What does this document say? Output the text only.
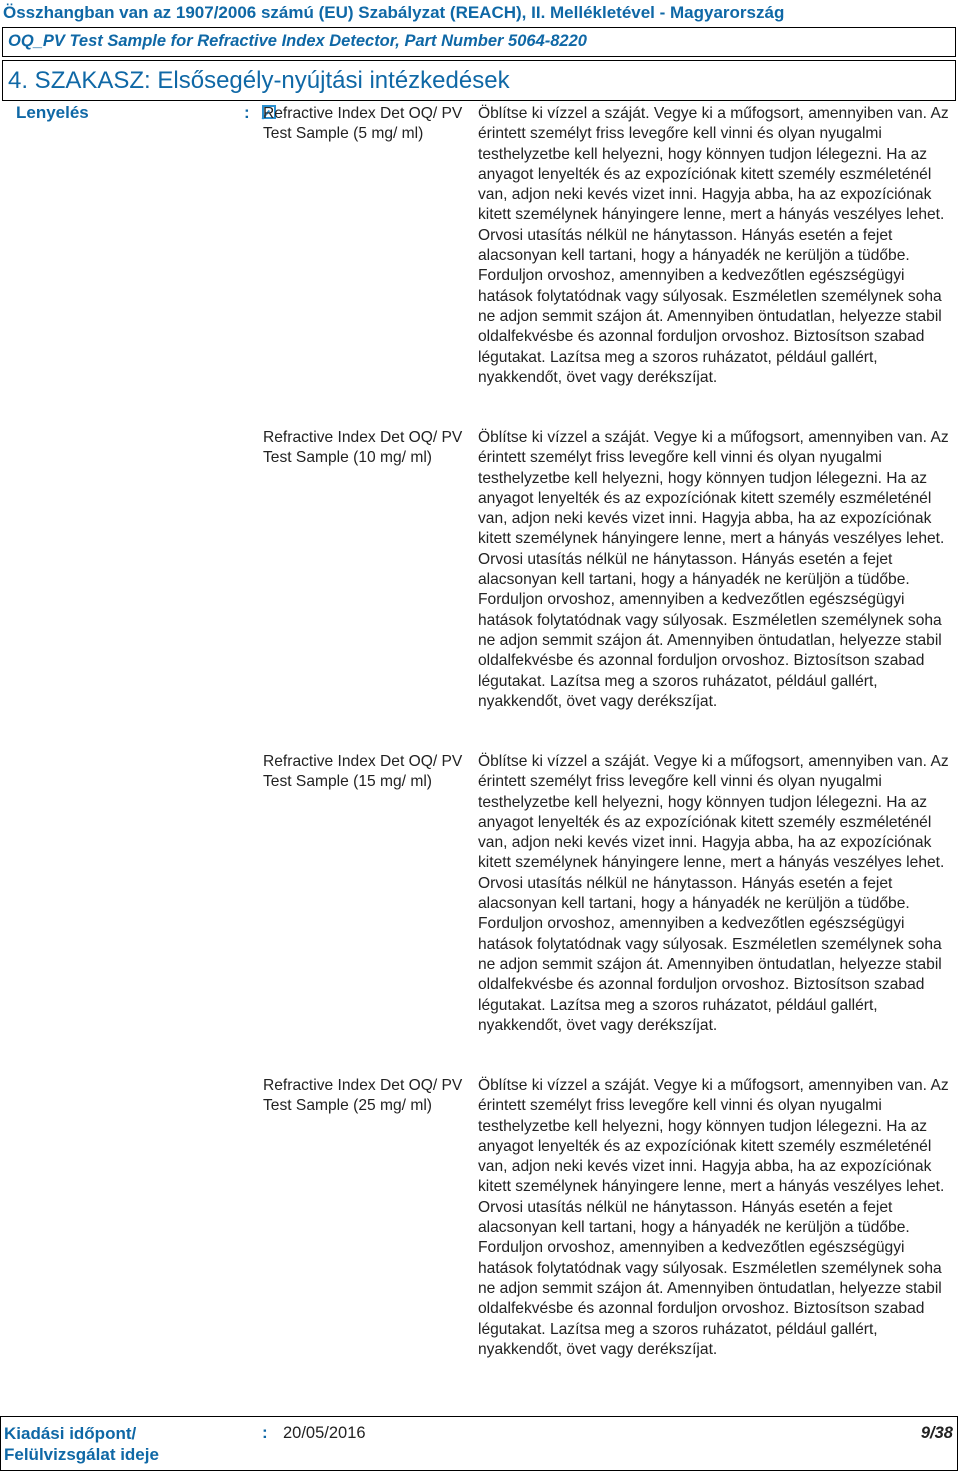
Összhangban van az 1907/2006 számú (EU) Szabályzat (REACH), II. Mellékletével - Magyarország
OQ_PV Test Sample for Refractive Index Detector, Part Number 5064-8220
4. SZAKASZ: Elsősegély-nyújtási intézkedések
Lenyelés	: Refractive Index Det OQ/ PV Test Sample (5 mg/ ml)
Öblítse ki vízzel a száját. Vegye ki a műfogsort, amennyiben van. Az érintett személyt friss levegőre kell vinni és olyan nyugalmi testhelyzetbe kell helyezni, hogy könnyen tudjon lélegezni. Ha az anyagot lenyelték és az expozíciónak kitett személy eszméleténél van, adjon neki kevés vizet inni. Hagyja abba, ha az expozíciónak kitett személynek hányingere lenne, mert a hányás veszélyes lehet. Orvosi utasítás nélkül ne hánytasson. Hányás esetén a fejet alacsonyan kell tartani, hogy a hányadék ne kerüljön a tüdőbe. Forduljon orvoshoz, amennyiben a kedvezőtlen egészségügyi hatások folytatódnak vagy súlyosak. Eszméletlen személynek soha ne adjon semmit szájon át. Amennyiben öntudatlan, helyezze stabil oldalfekvésbe és azonnal forduljon orvoshoz. Biztosítson szabad légutakat. Lazítsa meg a szoros ruházatot, például gallért, nyakkendőt, övet vagy derékszíjat.
Refractive Index Det OQ/ PV Test Sample (10 mg/ ml)
Öblítse ki vízzel a száját. Vegye ki a műfogsort, amennyiben van. Az érintett személyt friss levegőre kell vinni és olyan nyugalmi testhelyzetbe kell helyezni, hogy könnyen tudjon lélegezni. Ha az anyagot lenyelték és az expozíciónak kitett személy eszméleténél van, adjon neki kevés vizet inni. Hagyja abba, ha az expozíciónak kitett személynek hányingere lenne, mert a hányás veszélyes lehet. Orvosi utasítás nélkül ne hánytasson. Hányás esetén a fejet alacsonyan kell tartani, hogy a hányadék ne kerüljön a tüdőbe. Forduljon orvoshoz, amennyiben a kedvezőtlen egészségügyi hatások folytatódnak vagy súlyosak. Eszméletlen személynek soha ne adjon semmit szájon át. Amennyiben öntudatlan, helyezze stabil oldalfekvésbe és azonnal forduljon orvoshoz. Biztosítson szabad légutakat. Lazítsa meg a szoros ruházatot, például gallért, nyakkendőt, övet vagy derékszíjat.
Refractive Index Det OQ/ PV Test Sample (15 mg/ ml)
Öblítse ki vízzel a száját. Vegye ki a műfogsort, amennyiben van. Az érintett személyt friss levegőre kell vinni és olyan nyugalmi testhelyzetbe kell helyezni, hogy könnyen tudjon lélegezni. Ha az anyagot lenyelték és az expozíciónak kitett személy eszméleténél van, adjon neki kevés vizet inni. Hagyja abba, ha az expozíciónak kitett személynek hányingere lenne, mert a hányás veszélyes lehet. Orvosi utasítás nélkül ne hánytasson. Hányás esetén a fejet alacsonyan kell tartani, hogy a hányadék ne kerüljön a tüdőbe. Forduljon orvoshoz, amennyiben a kedvezőtlen egészségügyi hatások folytatódnak vagy súlyosak. Eszméletlen személynek soha ne adjon semmit szájon át. Amennyiben öntudatlan, helyezze stabil oldalfekvésbe és azonnal forduljon orvoshoz. Biztosítson szabad légutakat. Lazítsa meg a szoros ruházatot, például gallért, nyakkendőt, övet vagy derékszíjat.
Refractive Index Det OQ/ PV Test Sample (25 mg/ ml)
Öblítse ki vízzel a száját. Vegye ki a műfogsort, amennyiben van. Az érintett személyt friss levegőre kell vinni és olyan nyugalmi testhelyzetbe kell helyezni, hogy könnyen tudjon lélegezni. Ha az anyagot lenyelték és az expozíciónak kitett személy eszméleténél van, adjon neki kevés vizet inni. Hagyja abba, ha az expozíciónak kitett személynek hányingere lenne, mert a hányás veszélyes lehet. Orvosi utasítás nélkül ne hánytasson. Hányás esetén a fejet alacsonyan kell tartani, hogy a hányadék ne kerüljön a tüdőbe. Forduljon orvoshoz, amennyiben a kedvezőtlen egészségügyi hatások folytatódnak vagy súlyosak. Eszméletlen személynek soha ne adjon semmit szájon át. Amennyiben öntudatlan, helyezze stabil oldalfekvésbe és azonnal forduljon orvoshoz. Biztosítson szabad légutakat. Lazítsa meg a szoros ruházatot, például gallért, nyakkendőt, övet vagy derékszíjat.
Kiadási időpont/
Felülvizsgálat ideje
: 20/05/2016	9/38
